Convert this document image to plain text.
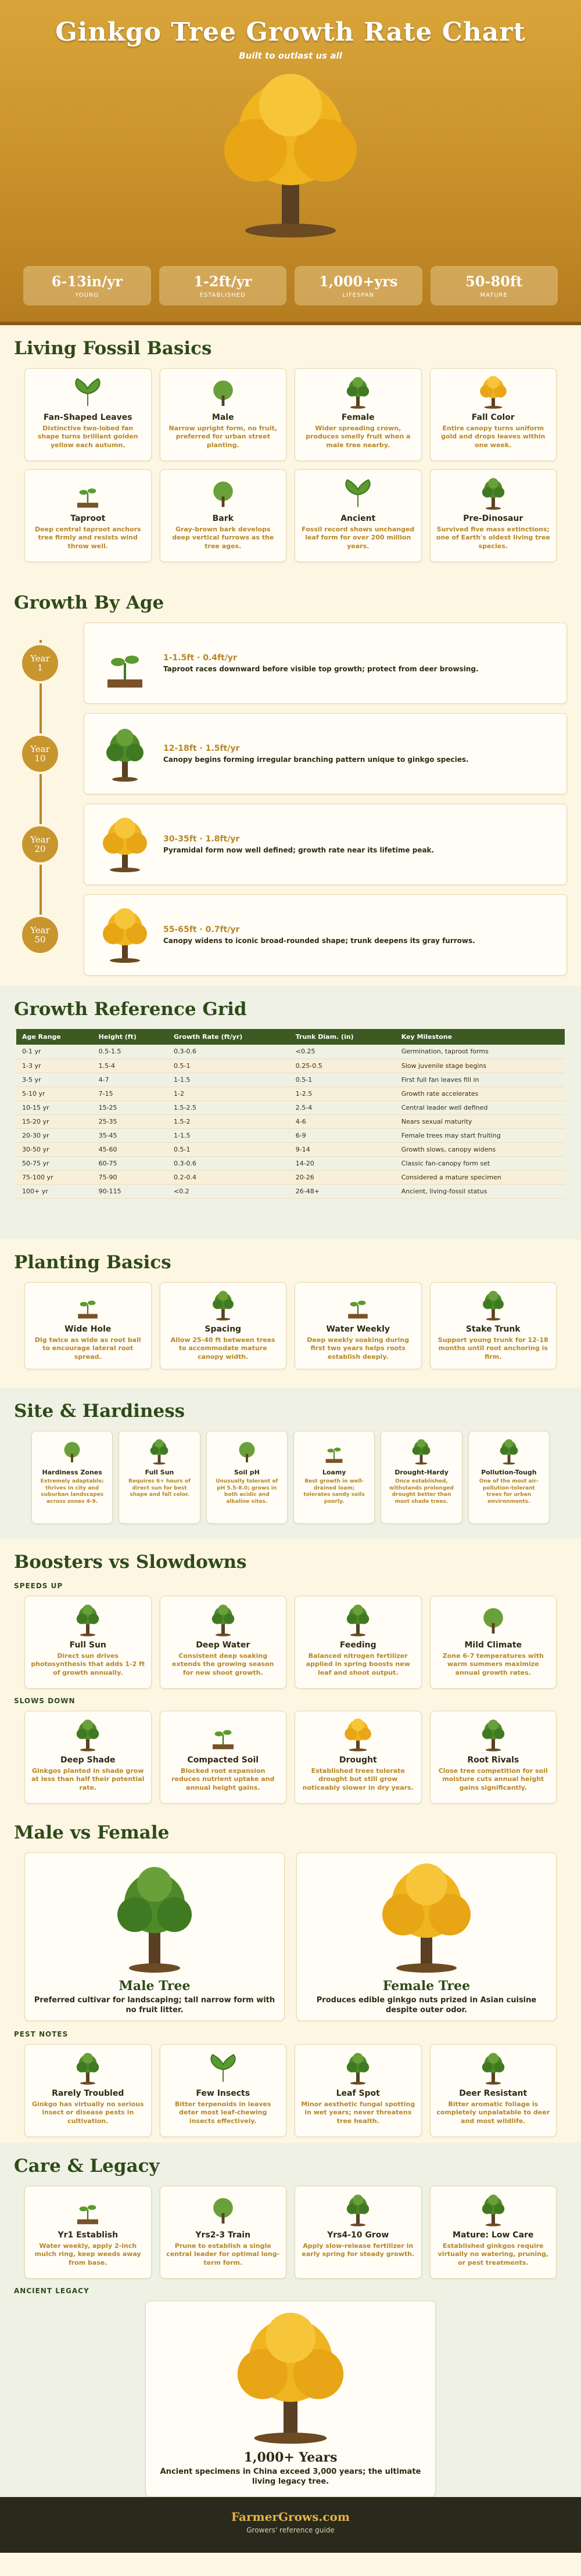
Ginkgo Tree Growth Rate Chart
Built to outlast us all
6-13in/yr
YOUNG
1-2ft/yr
ESTABLISHED
1,000+yrs
LIFESPAN
50-80ft
MATURE
Living Fossil Basics
Fan-Shaped Leaves
Distinctive two-lobed fan shape turns brilliant golden yellow each autumn.
Male
Narrow upright form, no fruit, preferred for urban street planting.
Female
Wider spreading crown, produces smelly fruit when a male tree nearby.
Fall Color
Entire canopy turns uniform gold and drops leaves within one week.
Taproot
Deep central taproot anchors tree firmly and resists wind throw well.
Bark
Gray-brown bark develops deep vertical furrows as the tree ages.
Ancient
Fossil record shows unchanged leaf form for over 200 million years.
Pre-Dinosaur
Survived five mass extinctions; one of Earth's oldest living tree species.
Growth By Age
Year
1
1-1.5ft · 0.4ft/yr
Taproot races downward before visible top growth; protect from deer browsing.
Year
10
12-18ft · 1.5ft/yr
Canopy begins forming irregular branching pattern unique to ginkgo species.
Year
20
30-35ft · 1.8ft/yr
Pyramidal form now well defined; growth rate near its lifetime peak.
Year
50
55-65ft · 0.7ft/yr
Canopy widens to iconic broad-rounded shape; trunk deepens its gray furrows.
Growth Reference Grid
Age Range	Height (ft)	Growth Rate (ft/yr)	Trunk Diam. (in)	Key Milestone
0-1 yr	0.5-1.5	0.3-0.6	<0.25	Germination, taproot forms
1-3 yr	1.5-4	0.5-1	0.25-0.5	Slow juvenile stage begins
3-5 yr	4-7	1-1.5	0.5-1	First full fan leaves fill in
5-10 yr	7-15	1-2	1-2.5	Growth rate accelerates
10-15 yr	15-25	1.5-2.5	2.5-4	Central leader well defined
15-20 yr	25-35	1.5-2	4-6	Nears sexual maturity
20-30 yr	35-45	1-1.5	6-9	Female trees may start fruiting
30-50 yr	45-60	0.5-1	9-14	Growth slows, canopy widens
50-75 yr	60-75	0.3-0.6	14-20	Classic fan-canopy form set
75-100 yr	75-90	0.2-0.4	20-26	Considered a mature specimen
100+ yr	90-115	<0.2	26-48+	Ancient, living-fossil status
Planting Basics
Wide Hole
Dig twice as wide as root ball to encourage lateral root spread.
Spacing
Allow 25-40 ft between trees to accommodate mature canopy width.
Water Weekly
Deep weekly soaking during first two years helps roots establish deeply.
Stake Trunk
Support young trunk for 12-18 months until root anchoring is firm.
Site & Hardiness
Hardiness Zones
Extremely adaptable; thrives in city and suburban landscapes across zones 4-9.
Full Sun
Requires 6+ hours of direct sun for best shape and fall color.
Soil pH
Unusually tolerant of pH 5.5-8.0; grows in both acidic and alkaline sites.
Loamy
Best growth in well-drained loam; tolerates sandy soils poorly.
Drought-Hardy
Once established, withstands prolonged drought better than most shade trees.
Pollution-Tough
One of the most air-pollution-tolerant trees for urban environments.
Boosters vs Slowdowns
SPEEDS UP
Full Sun
Direct sun drives photosynthesis that adds 1-2 ft of growth annually.
Deep Water
Consistent deep soaking extends the growing season for new shoot growth.
Feeding
Balanced nitrogen fertilizer applied in spring boosts new leaf and shoot output.
Mild Climate
Zone 6-7 temperatures with warm summers maximize annual growth rates.
SLOWS DOWN
Deep Shade
Ginkgos planted in shade grow at less than half their potential rate.
Compacted Soil
Blocked root expansion reduces nutrient uptake and annual height gains.
Drought
Established trees tolerate drought but still grow noticeably slower in dry years.
Root Rivals
Close tree competition for soil moisture cuts annual height gains significantly.
Male vs Female
Male Tree
Preferred cultivar for landscaping; tall narrow form with no fruit litter.
Female Tree
Produces edible ginkgo nuts prized in Asian cuisine despite outer odor.
PEST NOTES
Rarely Troubled
Ginkgo has virtually no serious insect or disease pests in cultivation.
Few Insects
Bitter terpenoids in leaves deter most leaf-chewing insects effectively.
Leaf Spot
Minor aesthetic fungal spotting in wet years; never threatens tree health.
Deer Resistant
Bitter aromatic foliage is completely unpalatable to deer and most wildlife.
Care & Legacy
Yr1 Establish
Water weekly, apply 2-inch mulch ring, keep weeds away from base.
Yrs2-3 Train
Prune to establish a single central leader for optimal long-term form.
Yrs4-10 Grow
Apply slow-release fertilizer in early spring for steady growth.
Mature: Low Care
Established ginkgos require virtually no watering, pruning, or pest treatments.
ANCIENT LEGACY
1,000+ Years
Ancient specimens in China exceed 3,000 years; the ultimate living legacy tree.
FarmerGrows.com
Growers' reference guide
